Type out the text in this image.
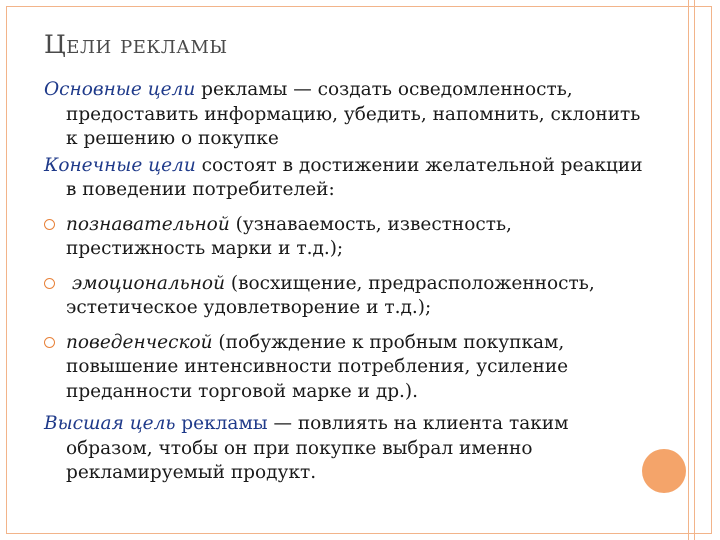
Цели рекламы

Основные цели рекламы — создать осведомленность, предоставить информацию, убедить, напомнить, склонить к решению о покупке

Конечные цели состоят в достижении желательной реакции в поведении потребителей:

познавательной (узнаваемость, известность, престижность марки и т.д.);
эмоциональной (восхищение, предрасположенность, эстетическое удовлетворение и т.д.);
поведенческой (побуждение к пробным покупкам, повышение интенсивности потребления, усиление преданности торговой марке и др.).

Высшая цель рекламы — повлиять на клиента таким образом, чтобы он при покупке выбрал именно рекламируемый продукт.
